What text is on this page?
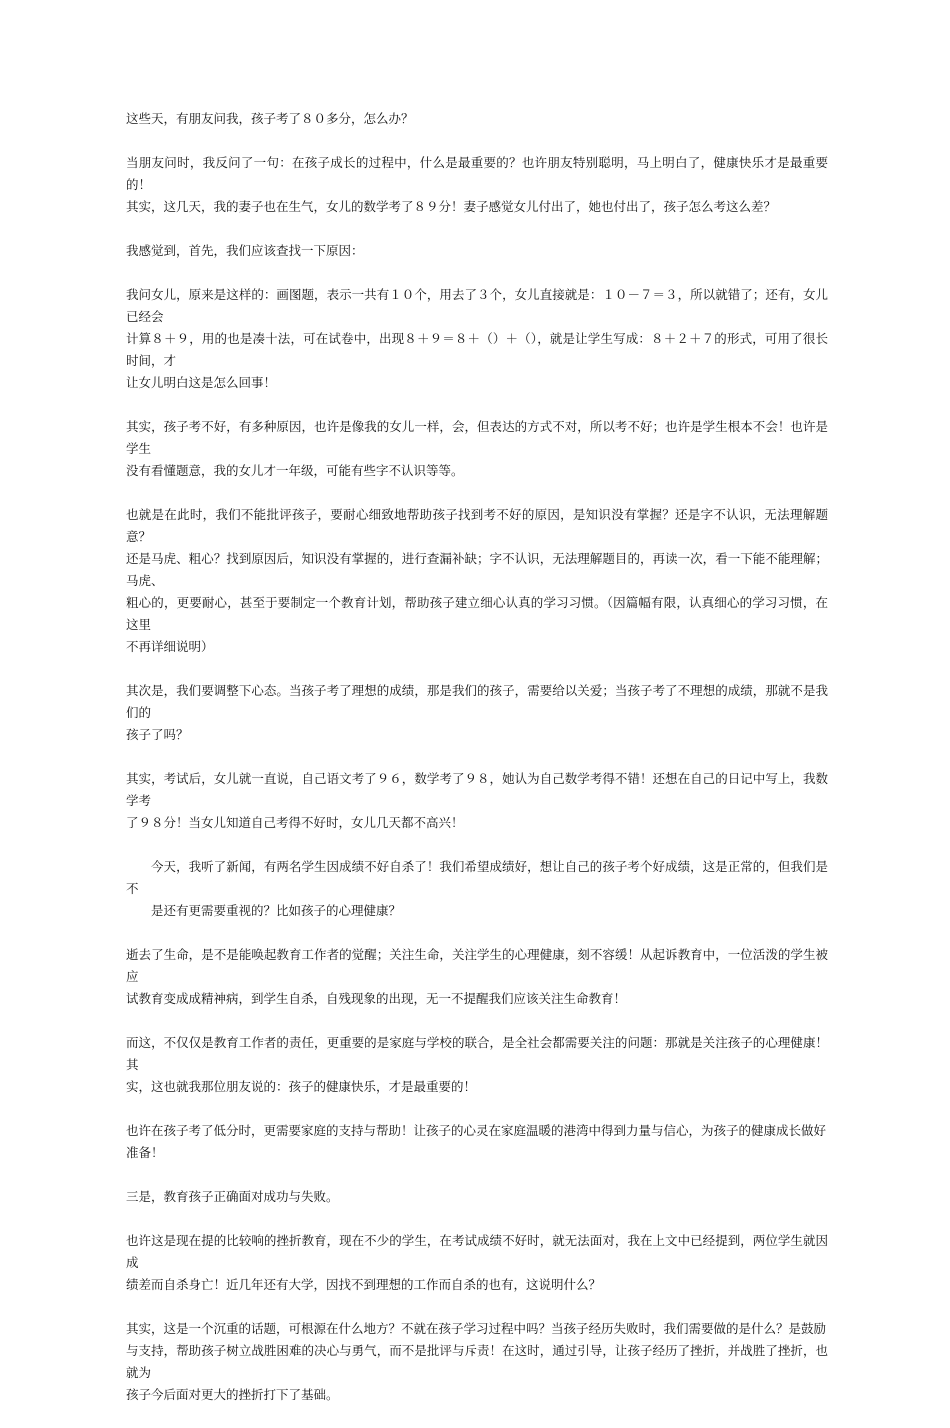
这些天，有朋友问我，孩子考了８０多分，怎么办？

当朋友问时，我反问了一句：在孩子成长的过程中，什么是最重要的？也许朋友特别聪明，马上明白了，健康快乐才是最重要的！
其实，这几天，我的妻子也在生气，女儿的数学考了８９分！妻子感觉女儿付出了，她也付出了，孩子怎么考这么差？

我感觉到，首先，我们应该查找一下原因：

我问女儿，原来是这样的：画图题，表示一共有１０个，用去了３个，女儿直接就是：１０－７＝３，所以就错了；还有，女儿已经会
计算８＋９，用的也是凑十法，可在试卷中，出现８＋９＝８＋（）＋（），就是让学生写成：８＋２＋７的形式，可用了很长时间，才
让女儿明白这是怎么回事！

其实，孩子考不好，有多种原因，也许是像我的女儿一样，会，但表达的方式不对，所以考不好；也许是学生根本不会！也许是学生
没有看懂题意，我的女儿才一年级，可能有些字不认识等等。

也就是在此时，我们不能批评孩子，要耐心细致地帮助孩子找到考不好的原因，是知识没有掌握？还是字不认识，无法理解题意？
还是马虎、粗心？找到原因后，知识没有掌握的，进行查漏补缺；字不认识，无法理解题目的，再读一次，看一下能不能理解；马虎、
粗心的，更要耐心，甚至于要制定一个教育计划，帮助孩子建立细心认真的学习习惯。（因篇幅有限，认真细心的学习习惯，在这里
不再详细说明）

其次是，我们要调整下心态。当孩子考了理想的成绩，那是我们的孩子，需要给以关爱；当孩子考了不理想的成绩，那就不是我们的
孩子了吗？

其实，考试后，女儿就一直说，自己语文考了９６，数学考了９８，她认为自己数学考得不错！还想在自己的日记中写上，我数学考
了９８分！当女儿知道自己考得不好时，女儿几天都不高兴！

今天，我听了新闻，有两名学生因成绩不好自杀了！我们希望成绩好，想让自己的孩子考个好成绩，这是正常的，但我们是不
是还有更需要重视的？比如孩子的心理健康？

逝去了生命，是不是能唤起教育工作者的觉醒；关注生命，关注学生的心理健康，刻不容缓！从起诉教育中，一位活泼的学生被应
试教育变成成精神病，到学生自杀，自残现象的出现，无一不提醒我们应该关注生命教育！

而这，不仅仅是教育工作者的责任，更重要的是家庭与学校的联合，是全社会都需要关注的问题：那就是关注孩子的心理健康！其
实，这也就我那位朋友说的：孩子的健康快乐，才是最重要的！

也许在孩子考了低分时，更需要家庭的支持与帮助！让孩子的心灵在家庭温暖的港湾中得到力量与信心，为孩子的健康成长做好
准备！

三是，教育孩子正确面对成功与失败。

也许这是现在提的比较响的挫折教育，现在不少的学生，在考试成绩不好时，就无法面对，我在上文中已经提到，两位学生就因成
绩差而自杀身亡！近几年还有大学，因找不到理想的工作而自杀的也有，这说明什么？

其实，这是一个沉重的话题，可根源在什么地方？不就在孩子学习过程中吗？当孩子经历失败时，我们需要做的是什么？是鼓励
与支持，帮助孩子树立战胜困难的决心与勇气，而不是批评与斥责！在这时，通过引导，让孩子经历了挫折，并战胜了挫折，也就为
孩子今后面对更大的挫折打下了基础。
